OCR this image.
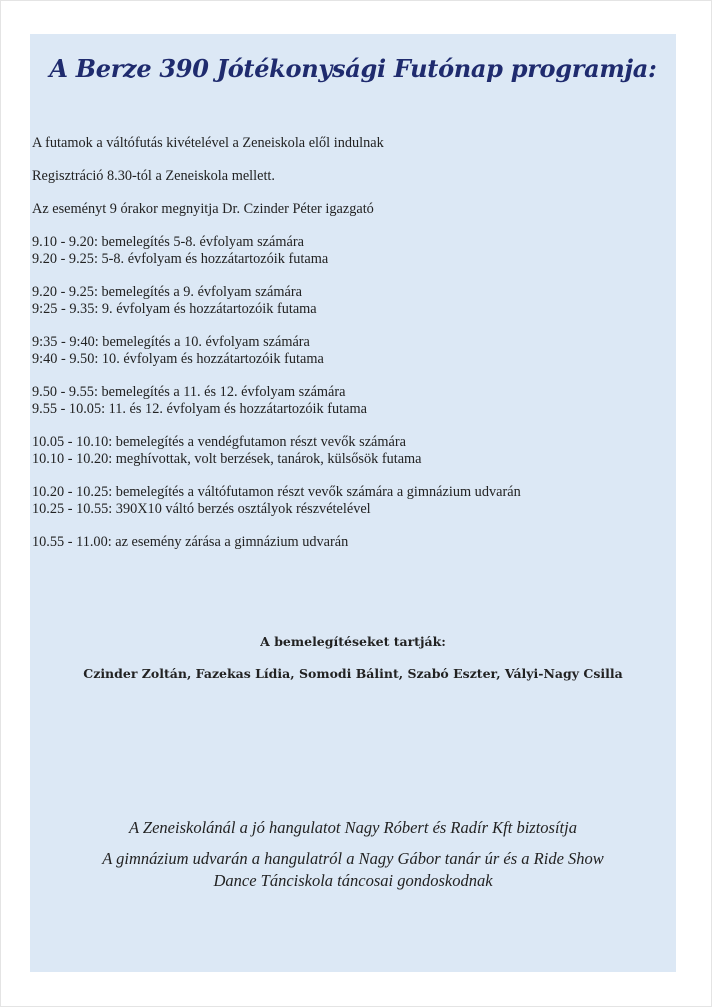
A Berze 390 Jótékonysági Futónap programja:
A futamok a váltófutás kivételével a Zeneiskola elől indulnak
Regisztráció 8.30-tól a Zeneiskola mellett.
Az eseményt 9 órakor megnyitja Dr. Czinder Péter igazgató
9.10 - 9.20: bemelegítés 5-8. évfolyam számára
9.20 - 9.25: 5-8. évfolyam és hozzátartozóik futama
9.20 - 9.25: bemelegítés a 9. évfolyam számára
9:25 - 9.35: 9. évfolyam és hozzátartozóik futama
9:35 - 9:40: bemelegítés a 10. évfolyam számára
9:40 - 9.50: 10. évfolyam és hozzátartozóik futama
9.50 - 9.55: bemelegítés a 11. és 12. évfolyam számára
9.55 - 10.05: 11. és 12. évfolyam és hozzátartozóik futama
10.05 - 10.10: bemelegítés a vendégfutamon részt vevők számára
10.10 - 10.20: meghívottak, volt berzések, tanárok, külsősök futama
10.20 - 10.25: bemelegítés a váltófutamon részt vevők számára a gimnázium udvarán
10.25 - 10.55: 390X10 váltó berzés osztályok részvételével
10.55 - 11.00: az esemény zárása a gimnázium udvarán
A bemelegítéseket tartják:
Czinder Zoltán, Fazekas Lídia, Somodi Bálint, Szabó Eszter, Vályi-Nagy Csilla
A Zeneiskolánál a jó hangulatot Nagy Róbert és Radír Kft biztosítja
A gimnázium udvarán a hangulatról a Nagy Gábor tanár úr és a Ride Show
Dance Tánciskola táncosai gondoskodnak
